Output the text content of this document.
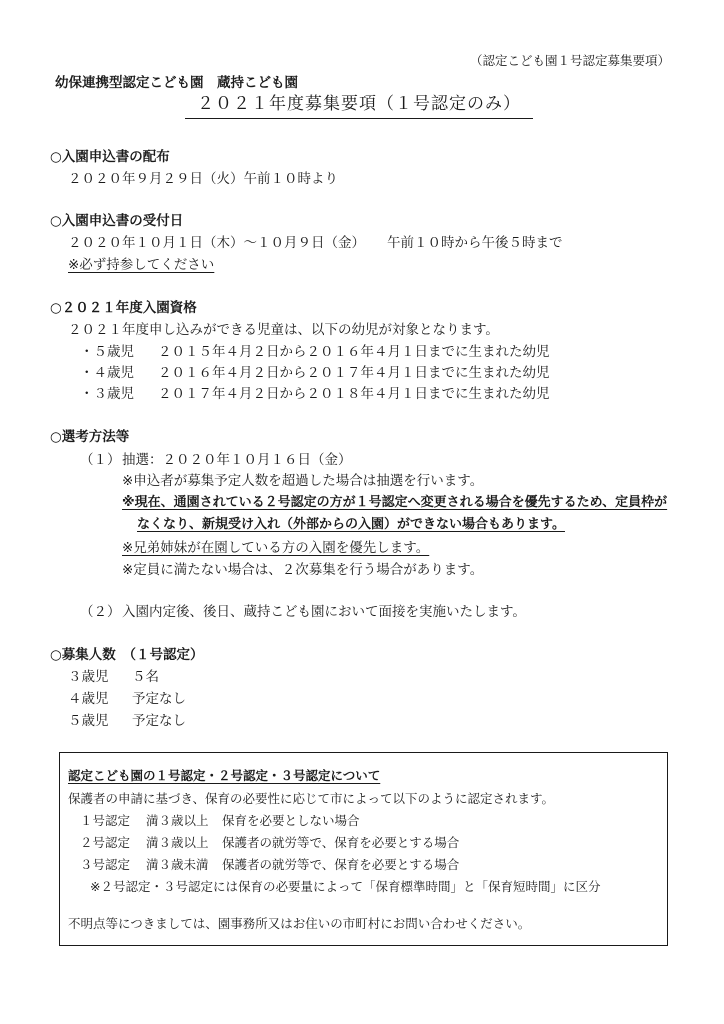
（認定こども園１号認定募集要項）
幼保連携型認定こども園　蔵持こども園
２０２１年度募集要項（１号認定のみ）
○入園申込書の配布
２０２０年９月２９日（火）午前１０時より
○入園申込書の受付日
２０２０年１０月１日（木）～１０月９日（金） 午前１０時から午後５時まで
※必ず持参してください
○２０２１年度入園資格
２０２１年度申し込みができる児童は、以下の幼児が対象となります。
・５歳児 ２０１５年４月２日から２０１６年４月１日までに生まれた幼児
・４歳児 ２０１６年４月２日から２０１７年４月１日までに生まれた幼児
・３歳児 ２０１７年４月２日から２０１８年４月１日までに生まれた幼児
○選考方法等
（１） 抽選：２０２０年１０月１６日（金）
※申込者が募集予定人数を超過した場合は抽選を行います。
※現在、通園されている２号認定の方が１号認定へ変更される場合を優先するため、定員枠が
なくなり、新規受け入れ（外部からの入園）ができない場合もあります。
※兄弟姉妹が在園している方の入園を優先します。
※定員に満たない場合は、２次募集を行う場合があります。
（２） 入園内定後、後日、蔵持こども園において面接を実施いたします。
○募集人数　（１号認定）
３歳児 ５名
４歳児 予定なし
５歳児 予定なし
認定こども園の１号認定・２号認定・３号認定について
保護者の申請に基づき、保育の必要性に応じて市によって以下のように認定されます。
１号認定 満３歳以上 保育を必要としない場合
２号認定 満３歳以上 保護者の就労等で、保育を必要とする場合
３号認定 満３歳未満 保護者の就労等で、保育を必要とする場合
※２号認定・３号認定には保育の必要量によって「保育標準時間」と「保育短時間」に区分
不明点等につきましては、園事務所又はお住いの市町村にお問い合わせください。
